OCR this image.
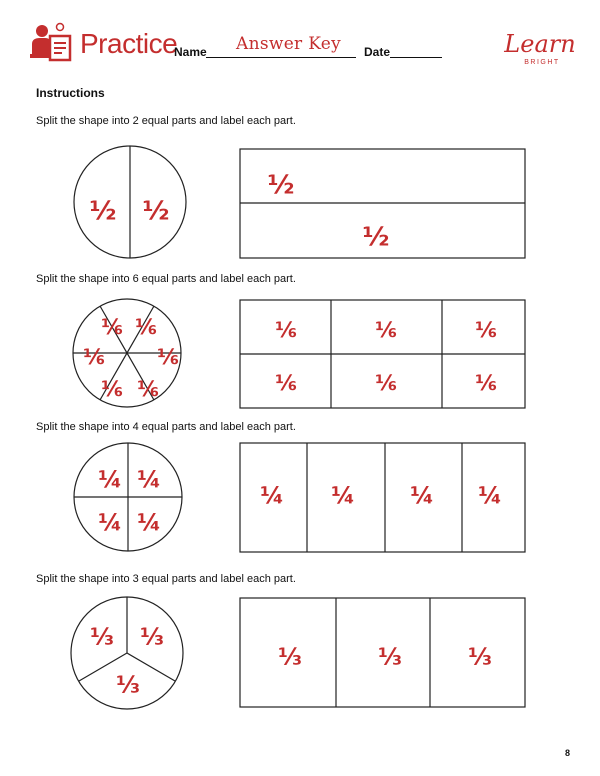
Practice
Name Answer Key Date	Learn
BRIGHT
Instructions
Split the shape into 2 equal parts and label each part.
Split the shape into 6 equal parts and label each part.
Split the shape into 4 equal parts and label each part.
Split the shape into 3 equal parts and label each part.
½ ½
½
½
⅙ ⅙
⅙ ⅙
⅙ ⅙
⅙	⅙	⅙
⅙	⅙	⅙
¼ ¼
¼ ¼
¼ ¼ ¼ ¼
⅓ ⅓
⅓
⅓	⅓	⅓
8
